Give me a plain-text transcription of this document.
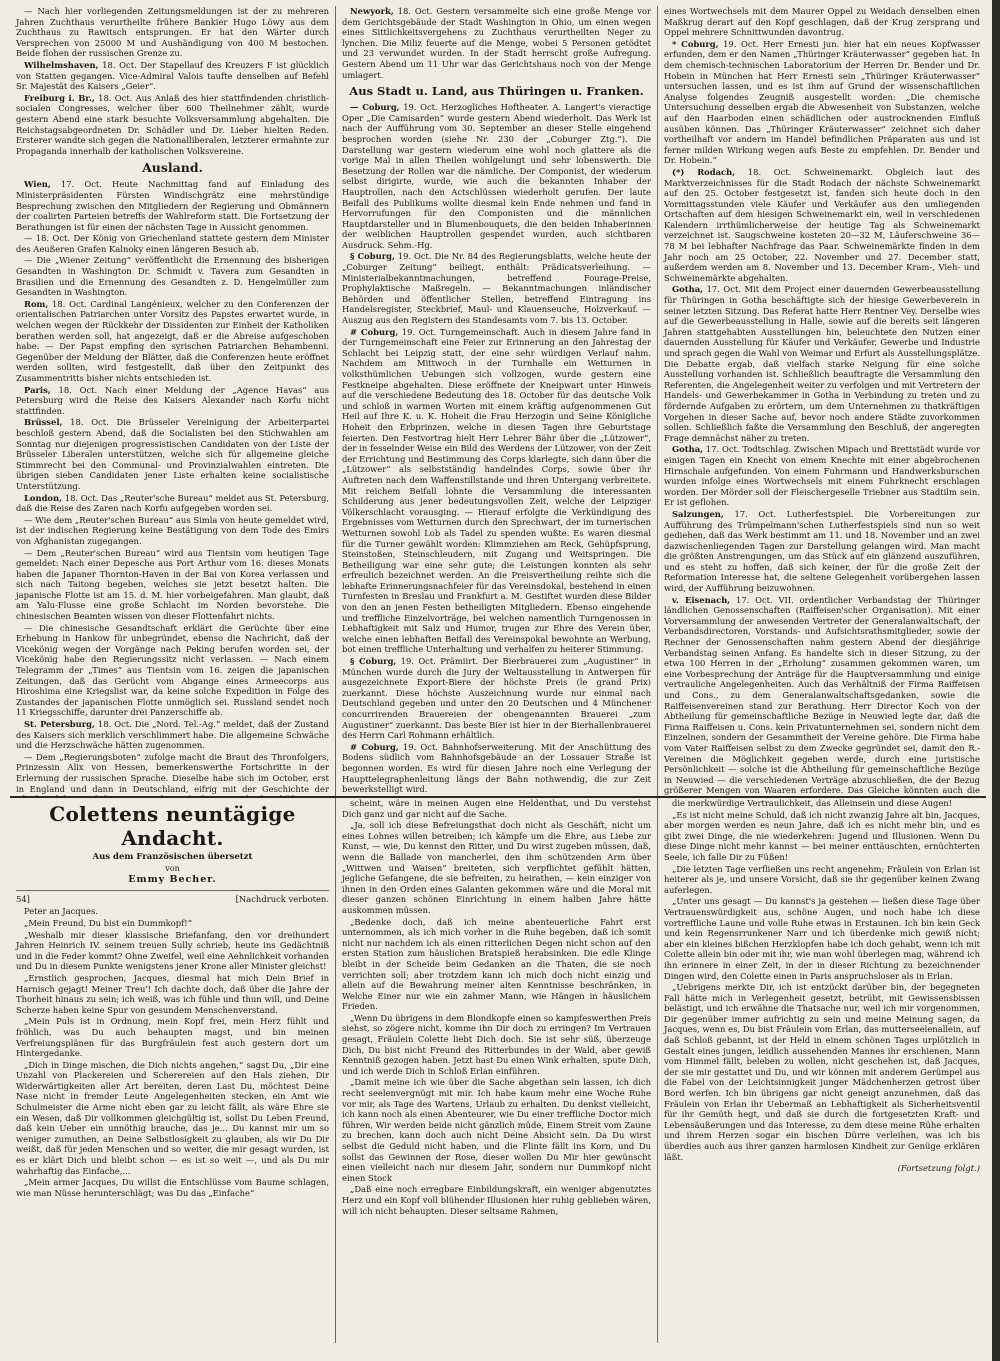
— Nach hier vorliegenden Zeitungsmeldungen ist der zu mehreren Jahren Zuchthaus verurtheilte frühere Bankier Hugo Löwy aus dem Zuchthaus zu Rawitsch entsprungen. Er hat den Wärter durch Versprechen von 25000 M und Aushändigung von 400 M bestochen. Beide flohen der russischen Grenze zu.

Wilhelmshaven, 18. Oct. Der Stapellauf des Kreuzers F ist glücklich von Statten gegangen. Vice-Admiral Valois taufte denselben auf Befehl Sr. Majestät des Kaisers „Geier“.

Freiburg i. Br., 18. Oct. Aus Anlaß des hier stattfindenden christlich-socialen Congresses, welcher über 600 Theilnehmer zählt, wurde gestern Abend eine stark besuchte Volksversammlung abgehalten. Die Reichstagsabgeordneten Dr. Schädler und Dr. Lieber hielten Reden. Ersterer wandte sich gegen die Nationalliberalen, letzterer ermahnte zur Propaganda innerhalb der katholischen Volksvereine.

Ausland.

Wien, 17. Oct. Heute Nachmittag fand auf Einladung des Ministerpräsidenten Fürsten Windischgrätz eine mehrstündige Besprechung zwischen den Mitgliedern der Regierung und Obmännern der coalirten Parteien betreffs der Wahlreform statt. Die Fortsetzung der Berathungen ist für einen der nächsten Tage in Aussicht genommen.

— 18. Oct. Der König von Griechenland stattete gestern dem Minister des Aeußeren Grafen Kalnoky einen längeren Besuch ab.

— Die „Wiener Zeitung“ veröffentlicht die Ernennung des bisherigen Gesandten in Washington Dr. Schmidt v. Tavera zum Gesandten in Brasilien und die Ernennung des Gesandten z. D. Hengelmüller zum Gesandten in Washington.

Rom, 18. Oct. Cardinal Langénieux, welcher zu den Conferenzen der orientalischen Patriarchen unter Vorsitz des Papstes erwartet wurde, in welchen wegen der Rückkehr der Dissidenten zur Einheit der Katholiken berathen werden soll, hat angezeigt, daß er die Abreise aufgeschoben habe. — Der Papst empfing den syrischen Patriarchen Behambenni. Gegenüber der Meldung der Blätter, daß die Conferenzen heute eröffnet werden sollten, wird festgestellt, daß über den Zeitpunkt des Zusammentritts bisher nichts entschieden ist.

Paris, 18. Oct. Nach einer Meldung der „Agence Havas“ aus Petersburg wird die Reise des Kaisers Alexander nach Korfu nicht stattfinden.

Brüssel, 18. Oct. Die Brüsseler Vereinigung der Arbeiterpartei beschloß gestern Abend, daß die Socialisten bei den Stichwahlen am Sonntag nur diejenigen progressistischen Candidaten von der Liste der Brüsseler Liberalen unterstützen, welche sich für allgemeine gleiche Stimmrecht bei den Communal- und Provinzialwahlen eintreten. Die übrigen sieben Candidaten jener Liste erhalten keine socialistische Unterstützung.

London, 18. Oct. Das „Reuter'sche Bureau“ meldet aus St. Petersburg, daß die Reise des Zaren nach Korfu aufgegeben worden sei.

— Wie dem „Reuter'schen Bureau“ aus Simla von heute gemeldet wird, ist der indischen Regierung keine Bestätigung von dem Tode des Emirs von Afghanistan zugegangen.

— Dem „Reuter'schen Bureau“ wird aus Tientsin vom heutigen Tage gemeldet: Nach einer Depesche aus Port Arthur vom 16. dieses Monats haben die Japaner Thornton-Haven in der Bai von Korea verlassen und sich nach Taitong begeben, welches sie jetzt besetzt halten. Die japanische Flotte ist am 15. d. M. hier vorbeigefahren. Man glaubt, daß am Yalu-Flusse eine große Schlacht im Norden bevorstehe. Die chinesischen Beamten wissen von dieser Flottenfahrt nichts.

— Die chinesische Gesandtschaft erklärt die Gerüchte über eine Erhebung in Hankow für unbegründet, ebenso die Nachricht, daß der Vicekönig wegen der Vorgänge nach Peking berufen worden sei, der Vicekönig habe den Regierungssitz nicht verlassen. — Nach einem Telegramm der „Times“ aus Tientsin vom 16. zeigen die japanischen Zeitungen, daß das Gerücht vom Abgange eines Armeecorps aus Hiroshima eine Kriegslist war, da keine solche Expedition in Folge des Zustandes der japanischen Flotte unmöglich sei. Russland sendet noch 11 Kriegsschiffe, darunter drei Panzerschiffe ab.

St. Petersburg, 18. Oct. Die „Nord. Tel.-Ag.“ meldet, daß der Zustand des Kaisers sich merklich verschlimmert habe. Die allgemeine Schwäche und die Herzschwäche hätten zugenommen.

— Dem „Regierungsboten“ zufolge macht die Braut des Thronfolgers, Prinzessin Alix von Hessen, bemerkenswerthe Fortschritte in der Erlernung der russischen Sprache. Dieselbe habe sich im October, erst in England und dann in Deutschland, eifrig mit der Geschichte der

Newyork, 18. Oct. Gestern versammelte sich eine große Menge vor dem Gerichtsgebäude der Stadt Washington in Ohio, um einen wegen eines Sittlichkeitsvergehens zu Zuchthaus verurtheilten Neger zu lynchen. Die Miliz feuerte auf die Menge, wobei 5 Personen getödtet und 23 verwundet wurden. In der Stadt herrscht große Aufregung. Gestern Abend um 11 Uhr war das Gerichtshaus noch von der Menge umlagert.

Aus Stadt u. Land, aus Thüringen u. Franken.

— Coburg, 19. Oct. Herzogliches Hoftheater. A. Langert's vieractige Oper „Die Camisarden“ wurde gestern Abend wiederholt. Das Werk ist nach der Aufführung vom 30. September an dieser Stelle eingehend besprochen worden (siehe Nr. 230 der „Coburger Ztg.“). Die Darstellung war gestern wiederum eine wohl noch glattere als die vorige Mal in allen Theilen wohlgelungt und sehr lobenswerth. Die Besetzung der Rollen war die nämliche. Der Componist, der wiederum selbst dirigirte, wurde, wie auch die bekannten Inhaber der Hauptrollen, nach den Actschlüssen wiederholt gerufen. Der laute Beifall des Publikums wollte diesmal kein Ende nehmen und fand in Hervorrufungen für den Componisten und die männlichen Hauptdarsteller und in Blumenbouquets, die den beiden Inhaberinnen der weiblichen Hauptrollen gespendet wurden, auch sichtbaren Ausdruck. Sehm.-Hg.

§ Coburg, 19. Oct. Die Nr. 84 des Regierungsblatts, welche heute der „Coburger Zeitung“ beiliegt, enthält: Prädicatsverleihung. — Ministerialbekanntmachungen, betreffend Fourage-Preise, Prophylaktische Maßregeln. — Bekanntmachungen inländischer Behörden und öffentlicher Stellen, betreffend Eintragung ins Handelsregister, Steckbrief, Maul- und Klauenseuche, Holzverkauf. — Auszug aus den Registern des Standesamts vom 7. bis 13. October.

# Coburg, 19. Oct. Turngemeinschaft. Auch in diesem Jahre fand in der Turngemeinschaft eine Feier zur Erinnerung an den Jahrestag der Schlacht bei Leipzig statt, der eine sehr würdigen Verlauf nahm. Nachdem am Mittwoch in der Turnhalle ein Wetturnen in volksthümlichen Uebungen sich vollzogen, wurde gestern eine Festkneipe abgehalten. Diese eröffnete der Kneipwart unter Hinweis auf die verschiedene Bedeutung des 18. October für das deutsche Volk und schloß in warmen Worten mit einem kräftig aufgenommenen Gut Heil auf Ihre K. u. K. Hoheit die Frau Herzogin und Seine Königliche Hoheit den Erbprinzen, welche in diesen Tagen ihre Geburtstage feierten. Den Festvortrag hielt Herr Lehrer Bähr über die „Lützower“, der in fesselnder Weise ein Bild des Werdens der Lützower, von der Zeit der Errichtung und Bestimmung des Corps klarlegte, sich dann über die „Lützower“ als selbstständig handelndes Corps, sowie über ihr Auftreten nach dem Waffenstillstande und ihren Untergang verbreitete. Mit reichem Beifall lohnte die Versammlung die interessanten Schilderung aus jener bedeutungsvollen Zeit, welche der Leipziger Völkerschlacht vorausging. — Hierauf erfolgte die Verkündigung des Ergebnisses vom Wetturnen durch den Sprechwart, der im turnerischen Wetturnen sowohl Lob als Tadel zu spenden wußte. Es waren diesmal für die Turner gewählt worden: Klimmziehen am Reck, Gehüpfsprung, Steinstoßen, Steinschleudern, mit Zugang und Weitspringen. Die Betheiligung war eine sehr gute; die Leistungen konnten als sehr erfreulich bezeichnet werden. An die Preisvertheilung reihte sich die lebhafte Erinnerungsnachfeier für das Vereinsdokal, bestehend in einen Turnfesten in Breslau und Frankfurt a. M. Gestiftet wurden diese Bilder von den an jenen Festen betheiligten Mitgliedern. Ebenso eingehende und treffliche Einzelvorträge, bei welchen namentlich Turngenossen in Lebhaftigkeit mit Salz und Humor, trugen zur Ehre des Verein über, welche einen lebhaften Beifall des Vereinspokal bewohnte an Werbung, bot einen treffliche Unterhaltung und verhalfen zu heiterer Stimmung.

§ Coburg, 19. Oct. Prämiirt. Der Bierbrauerei zum „Augustiner“ in München wurde durch die Jury der Weltausstellung in Antwerpen für ausgezeichnete Export-Biere der höchste Preis (le grand Prix) zuerkannt. Diese höchste Auszeichnung wurde nur einmal nach Deutschland gegeben und unter den 20 Deutschen und 4 Münchener concurrirenden Brauereien der obengenannten Brauerei „zum Augustiner“ zuerkannt. Das beste Bier ist hier in der Bierhallenbrauerei des Herrn Carl Rohmann erhältlich.

# Coburg, 19. Oct. Bahnhofserweiterung. Mit der Anschüttung des Bodens südlich vom Bahnhofsgebäude an der Lossauer Straße ist begonnen worden. Es wird für diesen Jahre noch eine Verlegung der Haupttelegraphenleitung längs der Bahn nothwendig, die zur Zeit bewerkstelligt wird.

eines Wortwechsels mit dem Maurer Oppel zu Weidach denselben einen Maßkrug derart auf den Kopf geschlagen, daß der Krug zersprang und Oppel mehrere Schnittwunden davontrug.

* Coburg, 19. Oct. Herr Ernesti jun. hier hat ein neues Kopfwasser erfunden, dem er den Namen „Thüringer Kräuterwasser“ gegeben hat. In dem chemisch-technischen Laboratorium der Herren Dr. Bender und Dr. Hobein in München hat Herr Ernesti sein „Thüringer Kräuterwasser“ untersuchen lassen, und es ist ihm auf Grund der wissenschaftlichen Analyse folgendes Zeugniß ausgestellt worden: „Die chemische Untersuchung desselben ergab die Abwesenheit von Substanzen, welche auf den Haarboden einen schädlichen oder austrocknenden Einfluß ausüben können. Das „Thüringer Kräuterwasser“ zeichnet sich daher vortheilhaft vor andern im Handel befindlichen Präparaten aus und ist ferner milden Wirkung wegen aufs Beste zu empfehlen. Dr. Bender und Dr. Hobein.“

(*) Rodach, 18. Oct. Schweinemarkt. Obgleich laut des Marktverzeichnisses für die Stadt Rodach der nächste Schweinemarkt auf den 25. October festgesetzt ist, fanden sich heute doch in den Vormittagsstunden viele Käufer und Verkäufer aus den umliegenden Ortschaften auf dem hiesigen Schweinemarkt ein, weil in verschiedenen Kalendern irrthümlicherweise der heutige Tag als Schweinemarkt verzeichnet ist. Saugschweine kosteten 20—32 M, Läuferschweine 36—78 M bei lebhafter Nachfrage das Paar. Schweinemärkte finden in dem Jahr noch am 25 October, 22. November und 27. December statt, außerdem werden am 8. November und 13. December Kram-, Vieh- und Schweinemärkte abgehalten.

Gotha, 17. Oct. Mit dem Project einer dauernden Gewerbeausstellung für Thüringen in Gotha beschäftigte sich der hiesige Gewerbeverein in seiner letzten Sitzung. Das Referat hatte Herr Rentner Vey. Derselbe wies auf die Gewerbeausstellung in Halle, sowie auf die bereits seit längeren Jahren stattgehabten Ausstellungen hin, beleuchtete den Nutzen einer dauernden Ausstellung für Käufer und Verkäufer, Gewerbe und Industrie und sprach gegen die Wahl von Weimar und Erfurt als Ausstellungsplätze. Die Debatte ergab, daß vielfach starke Neigung für eine solche Ausstellung vorhanden ist. Schließlich beauftragte die Versammlung den Referenten, die Angelegenheit weiter zu verfolgen und mit Vertretern der Handels- und Gewerbekammer in Gotha in Verbindung zu treten und zu fördernde Aufgaben zu erörtern, um dem Unternehmen zu thatkräftigen Vorgehen in dieser Sache auf, bevor noch andere Städte zuvorkommen sollen. Schließlich faßte die Versammlung den Beschluß, der angeregten Frage demnächst näher zu treten.

Gotha, 17. Oct. Todtschlag. Zwischen Mipach und Brettstädt wurde vor einigen Tagen ein Knecht von einem Knechte mit einer abgebrochenen Hirnschale aufgefunden. Von einem Fuhrmann und Handwerksburschen wurden infolge eines Wortwechsels mit einem Fuhrknecht erschlagen worden. Der Mörder soll der Fleischergeselle Triebner aus Stadtilm sein. Er ist geflohen.

Salzungen, 17. Oct. Lutherfestspiel. Die Vorbereitungen zur Aufführung des Trümpelmann'schen Lutherfestspiels sind nun so weit gediehen, daß das Werk bestimmt am 11. und 18. November und an zwei dazwischenliegenden Tagen zur Darstellung gelangen wird. Man macht die größten Anstrengungen, um das Stück auf ein glänzend auszuführen, und es steht zu hoffen, daß sich keiner, der für die große Zeit der Reformation Interesse hat, die seltene Gelegenheit vorübergehen lassen wird, der Aufführung beizuwohnen.

v. Eisenach, 17. Oct. VII. ordentlicher Verbandstag der Thüringer ländlichen Genossenschaften (Raiffeisen'scher Organisation). Mit einer Vorversammlung der anwesenden Vertreter der Generalanwaltschaft, der Verbandsdirectoren, Vorstands- und Aufsichtsrathsmitglieder, sowie der Rechner der Genossenschaften nahm gestern Abend der diesjährige Verbandstag seinen Anfang. Es handelte sich in dieser Sitzung, zu der etwa 100 Herren in der „Erholung“ zusammen gekommen waren, um eine Vorbesprechung der Anträge für die Hauptversammlung und einige vertrauliche Angelegenheiten. Auch das Verhältniß der Firma Raiffeisen und Cons., zu dem Generalanwaltschaftsgedanken, sowie die Raiffeisenvereinen stand zur Berathung. Herr Director Koch von der Abtheilung für gemeinschaftliche Bezüge in Neuwied legte dar, daß die Firma Raiffeisen u. Cons. kein Privatunternehmen sei, sondern nicht dem Einzelnen, sondern der Gesammtheit der Vereine gehöre. Die Firma habe vom Vater Raiffeisen selbst zu dem Zwecke gegründet sei, damit den R.-Vereinen die Möglichkeit gegeben werde, durch eine juristische Persönlichkeit — solche ist die Abtheilung für gemeinschaftliche Bezüge in Neuwied — die verschiedenen Verträge abzuschließen, die der Bezug größerer Mengen von Waaren erfordere. Das Gleiche könnten auch die

Colettens neuntägige Andacht.
Aus dem Französischen übersetzt
von
Emmy Becher.
54]	[Nachdruck verboten.

Peter an Jacques.

„Mein Freund, Du bist ein Dummkopf!“

„Weshalb mir dieser klassische Briefanfang, den vor dreihundert Jahren Heinrich IV. seinem treuen Sully schrieb, heute ins Gedächtniß und in die Feder kommt? Ohne Zweifel, weil eine Aehnlichkeit vorhanden und Du in diesem Punkte wenigstens jener Krone aller Minister gleichst!

„Ernstlich gesprochen, Jacques, diesmal hat mich Dein Brief in Harnisch gejagt! Meiner Treu'! Ich dachte doch, daß über die Jahre der Thorheit hinaus zu sein; ich weiß, was ich fühle und thun will, und Deine Scherze haben keine Spur von gesundem Menschenverstand.

„Mein Puls ist in Ordnung, mein Kopf frei, mein Herz fühlt und fröhlich, was Du auch behaupten magst, und bin meinen Verfreiungsplänen für das Burgfräulein fest auch gestern dort um Hintergedanke.

„Dich in Dinge mischen, die Dich nichts angehen,“ sagst Du, „Dir eine Unzahl von Plackereien und Scherereien auf den Hals ziehen, Dir Widerwärtigkeiten aller Art bereiten, deren Last Du, möchtest Deine Nase nicht in fremder Leute Angelegenheiten stecken, ein Amt wie Schulmeister die Arme nicht eben gar zu leicht fällt, als wäre Ehre sie ein Wesen, daß Dir vollkommen gleichgültig ist, sollst Du Leben Freund, daß kein Ueber ein unnöthig brauche, das je... Du kannst mir um so weniger zumuthen, an Deine Selbstlosigkeit zu glauben, als wir Du Dir weißt, daß für jeden Menschen und so weiter, die mir gesagt wurden, ist es er klärt Dich und bleibt schon — es ist so weit —, und als Du mir wahrhaftig das Einfache,...

„Mein armer Jacques, Du willst die Entschlüsse vom Baume schlagen, wie man Nüsse herunterschlägt; was Du das „Einfache“

scheint, wäre in meinen Augen eine Heldenthat, und Du verstehst Dich ganz und gar nicht auf die Sache.

„Ja, soll ich diese Befreiungsthat doch nicht als Geschäft, nicht um eines Lohnes willen betreiben; ich kämpfe um die Ehre, aus Liebe zur Kunst, — wie, Du kennst den Ritter, und Du wirst zugeben müssen, daß, wenn die Ballade von mancherlei, den ihm schützenden Arm über „Wittwen und Waisen“ breiteten, sich verpflichtet gefühlt hätten, jegliche Gefangene, die sie befreiten, zu heirathen, — kein einziger von ihnen in den Orden eines Galanten gekommen wäre und die Moral mit dieser ganzen schönen Einrichtung in einem halben Jahre hätte auskommen müssen.

„Bedenke doch, daß ich meine abenteuerliche Fahrt erst unternommen, als ich mich vorher in die Ruhe begeben, daß ich somit nicht nur nachdem ich als einen ritterlichen Degen nicht schon auf den ersten Station zum häuslichen Bratspieß herabsinken. Die edle Klinge bleibt in der Scheide beim Gedanken an die Thaten, die sie noch verrichten soll; aber trotzdem kann ich mich doch nicht einzig und allein auf die Bewahrung meiner alten Kenntnisse beschränken, in Welche Einer nur wie ein zahmer Mann, wie Hängen in häuslichem Frieden.

„Wenn Du übrigens in dem Blondkopfe einen so kampfeswerthen Preis siehst, so zögere nicht, komme ihn Dir doch zu erringen? Im Vertrauen gesagt, Fräulein Colette liebt Dich doch. Sie ist sehr süß, überzeuge Dich, Du bist nicht Freund des Ritterbundes in der Wald, aber gewiß Kenntniß gezogen haben. Jetzt hast Du einen Wink erhalten, spute Dich, und ich werde Dich in Schloß Erlan einführen.

„Damit meine ich wie über die Sache abgethan sein lassen, ich dich recht seelenvergnügt mit mir. Ich habe kaum mehr eine Woche Ruhe vor mir, als Tage des Wartens, Urlaub zu erhalten. Du denkst vielleicht, ich kann noch als einen Abenteurer, wie Du einer treffliche Doctor mich führen, Wir werden beide nicht gänzlich müde, Einem Streit vom Zaune zu brechen, kann doch auch nicht Deine Absicht sein. Da Du wirst selbst die Geduld nicht haben, und die Flinte fällt ins Korn, und Du sollst das Gewinnen der Rose, dieser wollen Du Mir hier gewünscht einen vielleicht nach nur diesem Jahr, sondern nur Dummkopf nicht einen Stock

„Daß eine noch erregbare Einbildungskraft, ein weniger abgenutztes Herz und ein Kopf voll blühender Illusionen hier ruhig geblieben wären, will ich nicht behaupten. Dieser seltsame Rahmen,

die merkwürdige Vertraulichkeit, das Alleinsein und diese Augen!

„Es ist nicht meine Schuld, daß ich nicht zwanzig Jahre alt bin, Jacques, aber morgen werden es neun Jahre, daß ich es nicht mehr bin, und es gibt zwei Dinge, die nie wiederkehren: Jugend und Illusionen. Wenn Du diese Dinge nicht mehr kannst — bei meiner enttäuschten, ernüchterten Seele, ich falle Dir zu Füßen!

„Die letzten Tage verfließen uns recht angenehm; Fräulein von Erlan ist heiterer als je, und unsere Vorsicht, daß sie ihr gegenüber keinen Zwang auferlegen.

„Unter uns gesagt — Du kannst's ja gestehen — ließen diese Tage über Vertrauenswürdigkeit aus, schöne Augen, und noch habe ich diese vortreffliche Laune und volle Ruhe etwas in Erstaunen. Ich bin kein Geck und kein Regensrrunkener Narr und ich überdenke mich gewiß nicht; aber ein kleines bißchen Herzklopfen habe ich doch gehabt, wenn ich mit Colette allein bin oder mit ihr, wie man wohl überlegen mag, während ich ihn erinnere in einer Zeit, in der in dieser Richtung zu bezeichnender Dingen wird, den Colette einen in Paris anspruchsloser als in Erlan.

„Uebrigens merkte Dir, ich ist entzückt darüber bin, der begegneten Fall hätte mich in Verlegenheit gesetzt, betrübt, mit Gewissensbissen belästigt, und ich erwähne die Thatsache nur, weil ich mir vorgenommen, Dir gegenüber immer aufrichtig zu sein und meine Meinung sagen, da Jacques, wenn es, Du bist Fräulein vom Erlan, das mutterseelenallein, auf daß Schloß gebannt, ist der Held in einem schönen Tages urplötzlich in Gestalt eines jungen, leidlich aussehenden Mannes ihr erschienen, Mann vom Himmel fällt, beleben zu wollen, nicht geschehen ist, daß Jacques, der sie mir gestattet und Du, und wir können mit anderem Gerümpel aus die Fabel von der Leichtsinnigkeit junger Mädchenherzen getrost über Bord werfen. Ich bin übrigens gar nicht geneigt anzunehmen, daß das Fräulein von Erlan ihr Uebermaß an Lebhaftigkeit als Sicherheitsventil für ihr Gemüth hegt, und daß sie durch die fortgesetzten Kraft- und Lebensäußerungen und das Interesse, zu dem diese meine Rühe erhalten und ihrem Herzen sogar ein bischen Dürre verleihen, was ich bis überdies auch aus ihrer ganzen harmlosen Kindheit zur Genüge erklären läßt.

(Fortsetzung folgt.)
